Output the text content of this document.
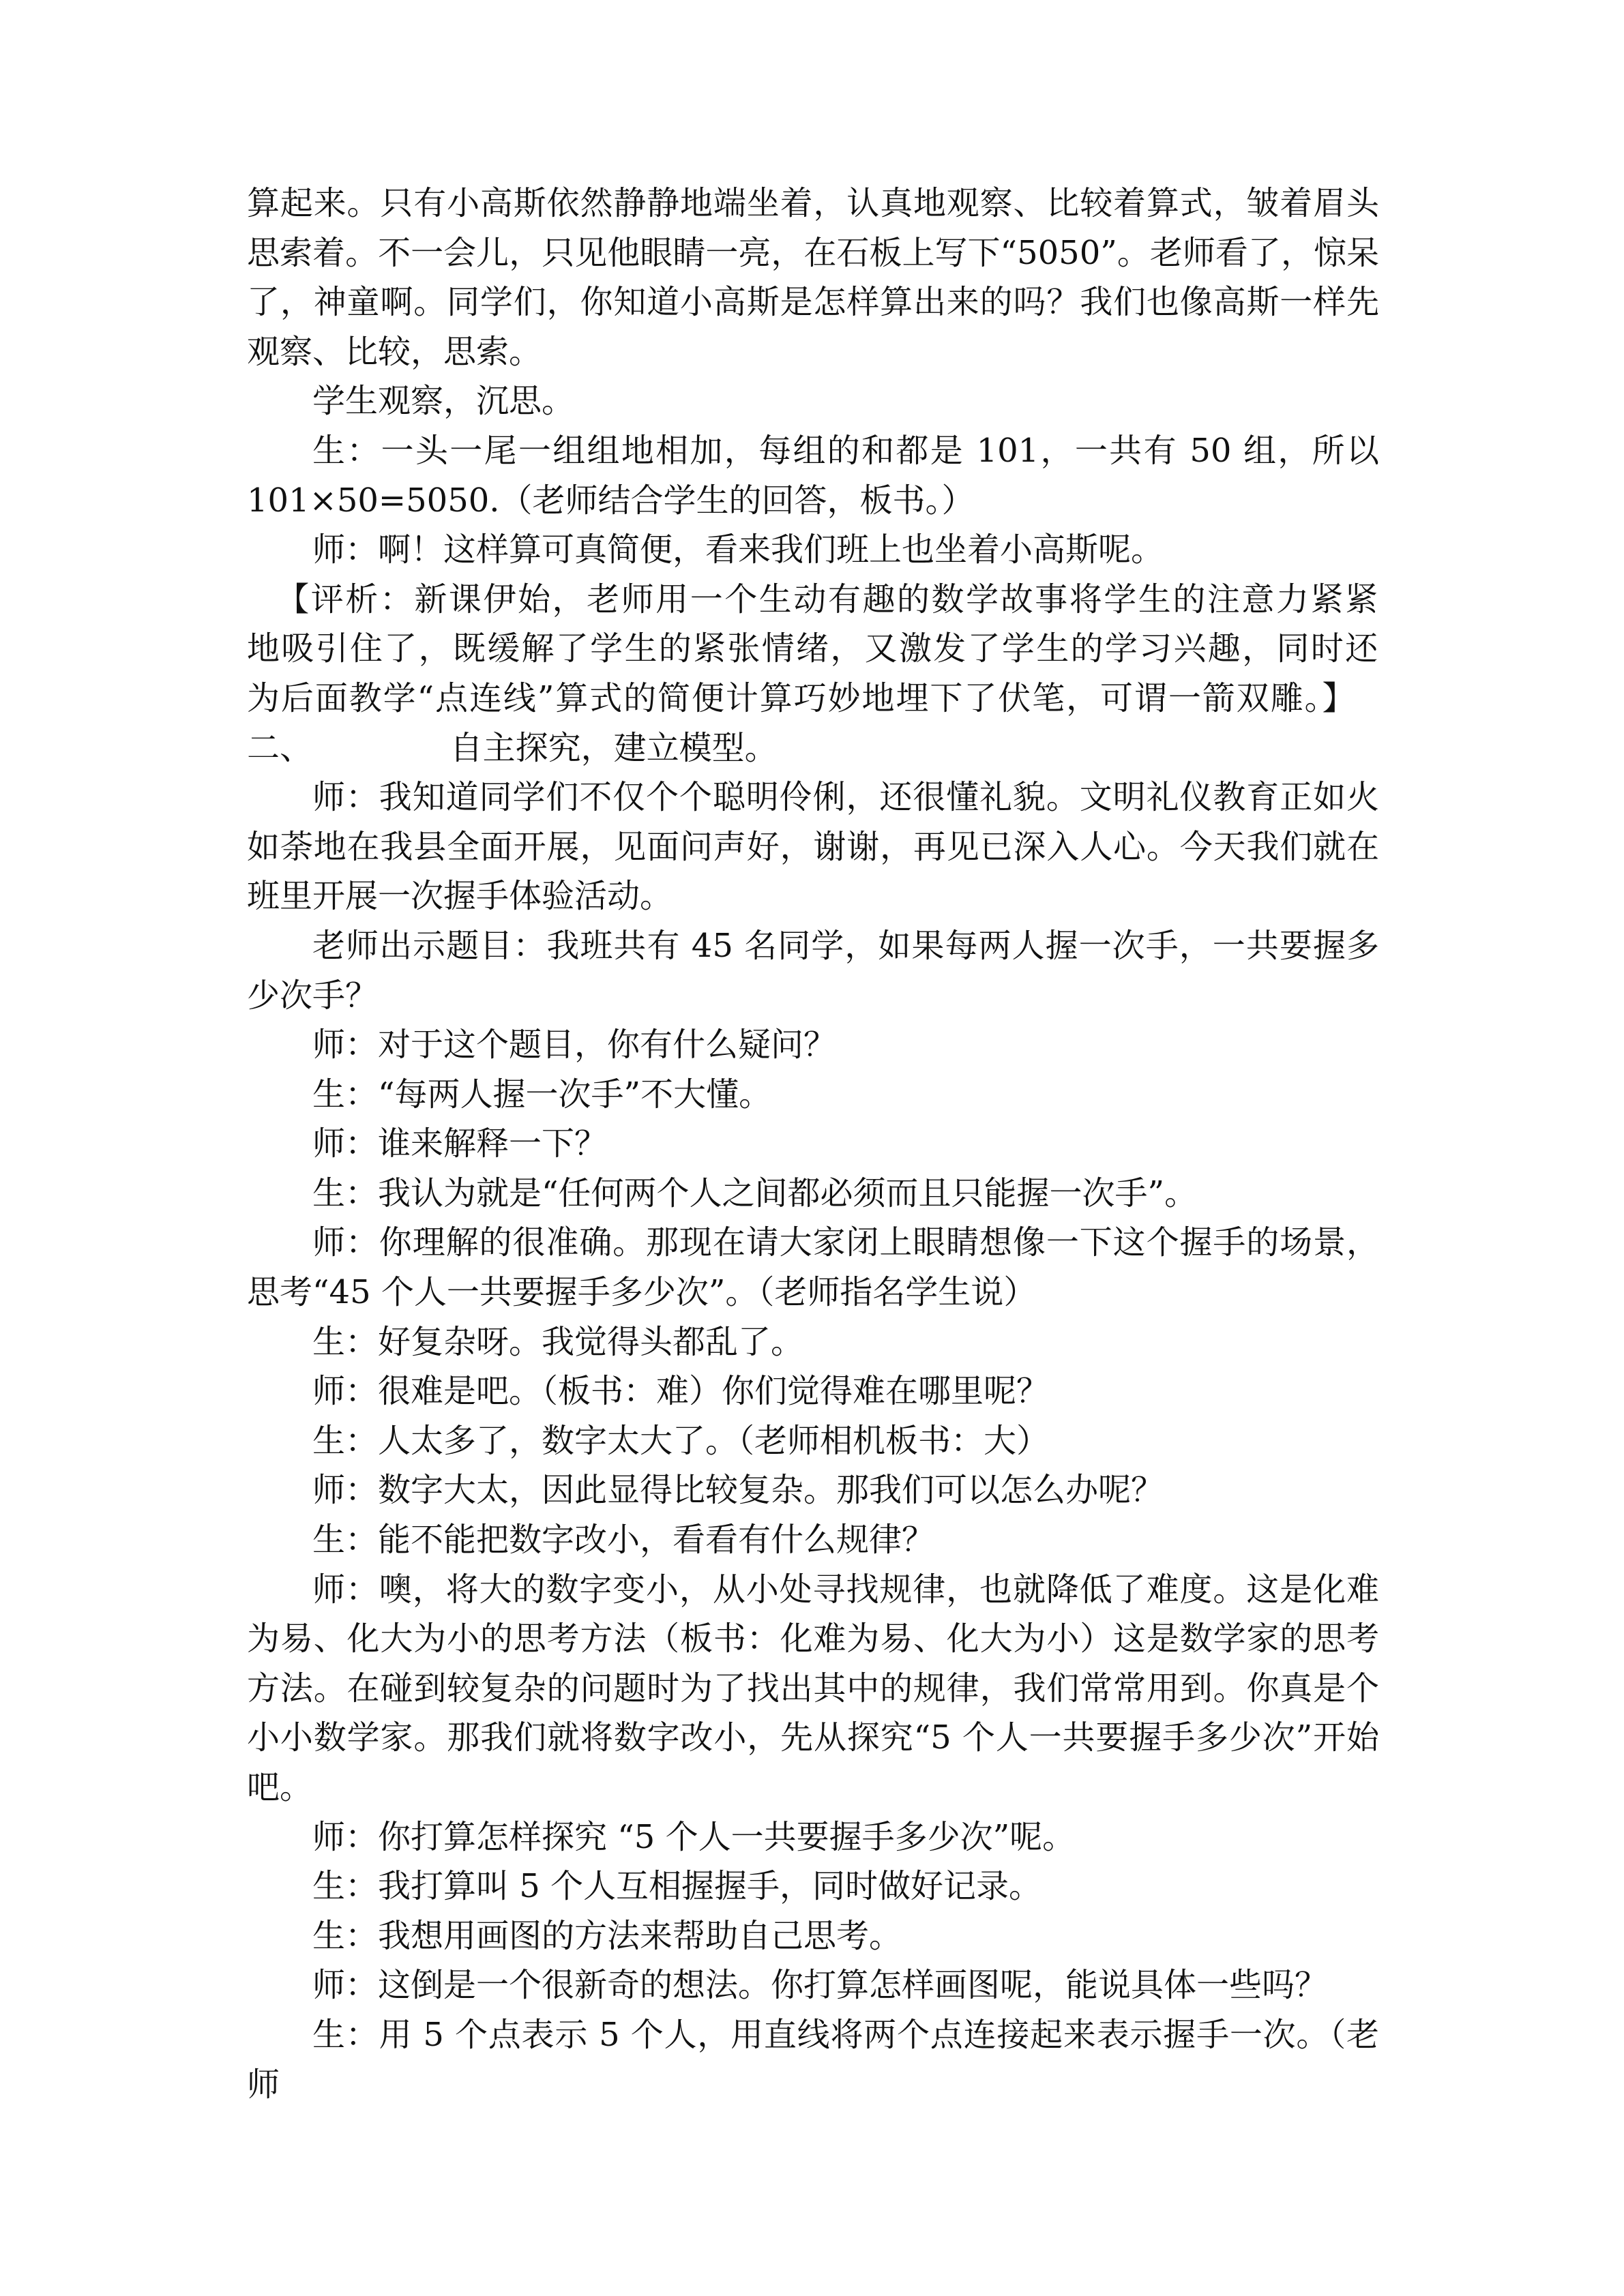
算起来。只有小高斯依然静静地端坐着，认真地观察、比较着算式，皱着眉头思索着。不一会儿，只见他眼睛一亮，在石板上写下“5050”。老师看了，惊呆了，神童啊。同学们，你知道小高斯是怎样算出来的吗？我们也像高斯一样先观察、比较，思索。

学生观察，沉思。

生：一头一尾一组组地相加，每组的和都是 101，一共有 50 组，所以 101×50=5050.（老师结合学生的回答，板书。）

师：啊！这样算可真简便，看来我们班上也坐着小高斯呢。

【评析：新课伊始，老师用一个生动有趣的数学故事将学生的注意力紧紧地吸引住了，既缓解了学生的紧张情绪，又激发了学生的学习兴趣，同时还为后面教学“点连线”算式的简便计算巧妙地埋下了伏笔，可谓一箭双雕。】

二、	自主探究，建立模型。

师：我知道同学们不仅个个聪明伶俐，还很懂礼貌。文明礼仪教育正如火如荼地在我县全面开展，见面问声好，谢谢，再见已深入人心。今天我们就在班里开展一次握手体验活动。

老师出示题目：我班共有 45 名同学，如果每两人握一次手，一共要握多少次手？

师：对于这个题目，你有什么疑问？

生：“每两人握一次手”不大懂。

师：谁来解释一下？

生：我认为就是“任何两个人之间都必须而且只能握一次手”。

师：你理解的很准确。那现在请大家闭上眼睛想像一下这个握手的场景，思考“45 个人一共要握手多少次”。（老师指名学生说）

生：好复杂呀。我觉得头都乱了。

师：很难是吧。（板书：难）你们觉得难在哪里呢？

生：人太多了，数字太大了。（老师相机板书：大）

师：数字大太，因此显得比较复杂。那我们可以怎么办呢？

生：能不能把数字改小，看看有什么规律？

师：噢，将大的数字变小，从小处寻找规律，也就降低了难度。这是化难为易、化大为小的思考方法（板书：化难为易、化大为小）这是数学家的思考方法。在碰到较复杂的问题时为了找出其中的规律，我们常常用到。你真是个小小数学家。那我们就将数字改小，先从探究“5 个人一共要握手多少次”开始吧。

师：你打算怎样探究 “5 个人一共要握手多少次”呢。

生：我打算叫 5 个人互相握握手，同时做好记录。

生：我想用画图的方法来帮助自己思考。

师：这倒是一个很新奇的想法。你打算怎样画图呢，能说具体一些吗？

生：用 5 个点表示 5 个人，用直线将两个点连接起来表示握手一次。（老师
